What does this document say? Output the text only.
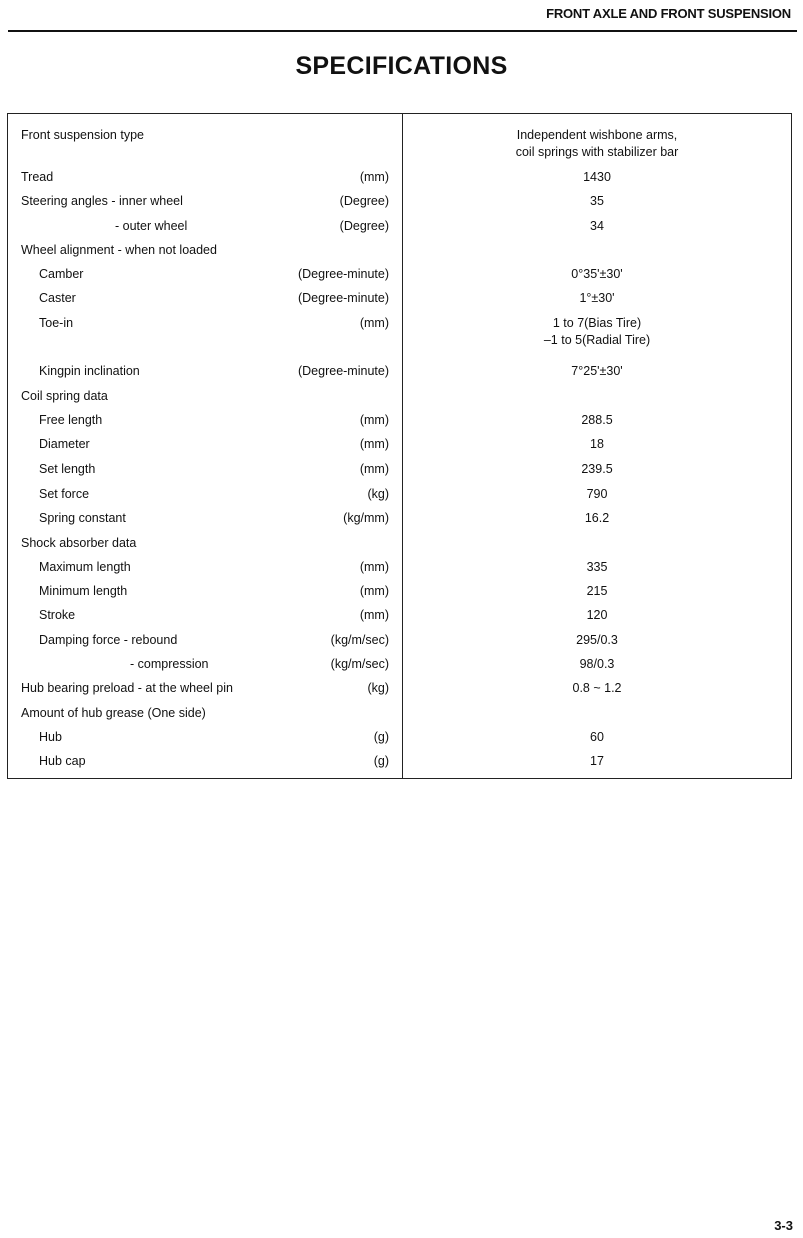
FRONT AXLE AND FRONT SUSPENSION
SPECIFICATIONS
Front suspension type	Independent wishbone arms,
coil springs with stabilizer bar
Tread	(mm)	1430
Steering angles - inner wheel	(Degree)	35
- outer wheel	(Degree)	34
Wheel alignment - when not loaded
Camber	(Degree-minute)	0°35'±30'
Caster	(Degree-minute)	1°±30'
Toe-in	(mm)	1 to 7(Bias Tire)
–1 to 5(Radial Tire)
Kingpin inclination	(Degree-minute)	7°25'±30'
Coil spring data
Free length	(mm)	288.5
Diameter	(mm)	18
Set length	(mm)	239.5
Set force	(kg)	790
Spring constant	(kg/mm)	16.2
Shock absorber data
Maximum length	(mm)	335
Minimum length	(mm)	215
Stroke	(mm)	120
Damping force - rebound	(kg/m/sec)	295/0.3
- compression	(kg/m/sec)	98/0.3
Hub bearing preload - at the wheel pin	(kg)	0.8 ~ 1.2
Amount of hub grease (One side)
Hub	(g)	60
Hub cap	(g)	17
3-3
